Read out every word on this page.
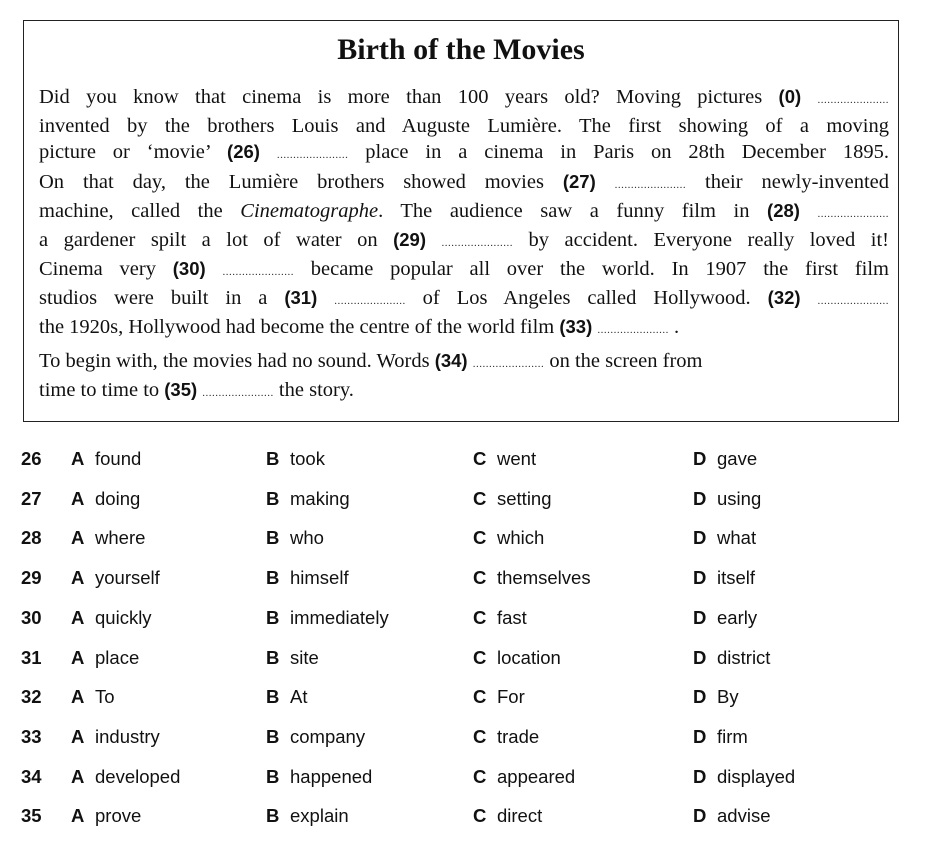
Birth of the Movies
Did you know that cinema is more than 100 years old? Moving pictures (0) ......................
invented by the brothers Louis and Auguste Lumière. The first showing of a moving
picture or ‘movie’ (26) ...................... place in a cinema in Paris on 28th December 1895.
On that day, the Lumière brothers showed movies (27) ...................... their newly-invented
machine, called the Cinematographe. The audience saw a funny film in (28) ......................
a gardener spilt a lot of water on (29) ...................... by accident. Everyone really loved it!
Cinema very (30) ...................... became popular all over the world. In 1907 the first film
studios were built in a (31) ...................... of Los Angeles called Hollywood. (32) ......................
the 1920s, Hollywood had become the centre of the world film (33) ...................... .
To begin with, the movies had no sound. Words (34) ...................... on the screen from
time to time to (35) ...................... the story.
26 A found	B took	C went	D gave
27 A doing	B making	C setting	D using
28 A where	B who	C which	D what
29 A yourself	B himself	C themselves	D itself
30 A quickly	B immediately	C fast	D early
31 A place	B site	C location	D district
32 A To	B At	C For	D By
33 A industry	B company	C trade	D firm
34 A developed	B happened	C appeared	D displayed
35 A prove	B explain	C direct	D advise
